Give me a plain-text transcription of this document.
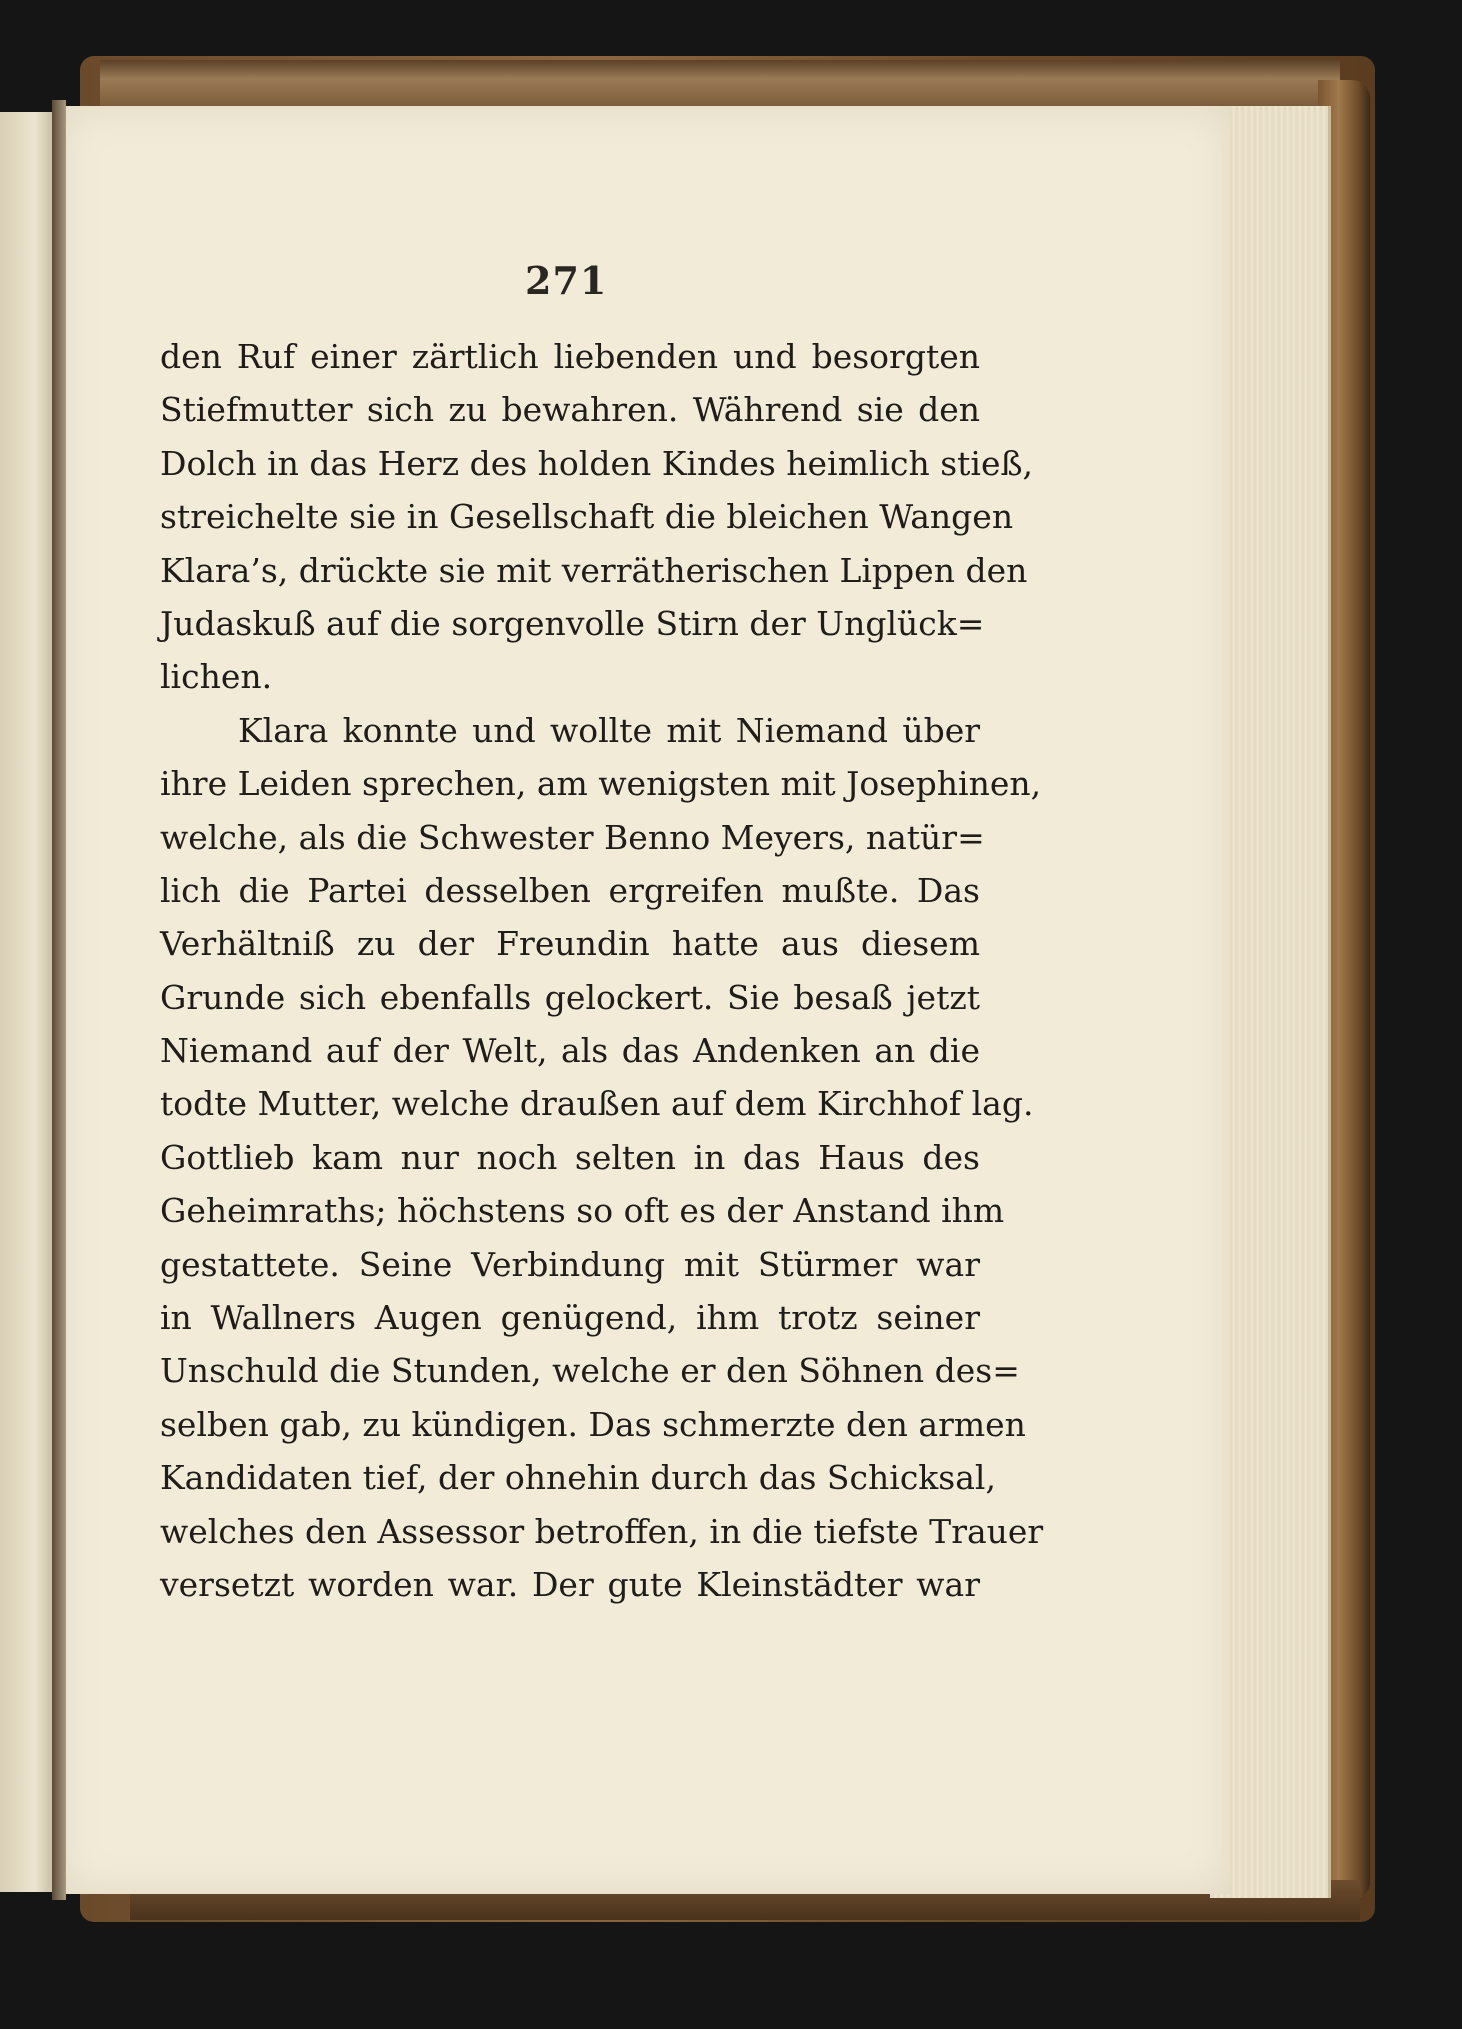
271
den Ruf einer zärtlich liebenden und besorgten
Stiefmutter sich zu bewahren. Während sie den
Dolch in das Herz des holden Kindes heimlich stieß,
streichelte sie in Gesellschaft die bleichen Wangen
Klara’s, drückte sie mit verrätherischen Lippen den
Judaskuß auf die sorgenvolle Stirn der Unglück=
lichen.
Klara konnte und wollte mit Niemand über
ihre Leiden sprechen, am wenigsten mit Josephinen,
welche, als die Schwester Benno Meyers, natür=
lich die Partei desselben ergreifen mußte. Das
Verhältniß zu der Freundin hatte aus diesem
Grunde sich ebenfalls gelockert. Sie besaß jetzt
Niemand auf der Welt, als das Andenken an die
todte Mutter, welche draußen auf dem Kirchhof lag.
Gottlieb kam nur noch selten in das Haus des
Geheimraths; höchstens so oft es der Anstand ihm
gestattete. Seine Verbindung mit Stürmer war
in Wallners Augen genügend, ihm trotz seiner
Unschuld die Stunden, welche er den Söhnen des=
selben gab, zu kündigen. Das schmerzte den armen
Kandidaten tief, der ohnehin durch das Schicksal,
welches den Assessor betroffen, in die tiefste Trauer
versetzt worden war. Der gute Kleinstädter war
